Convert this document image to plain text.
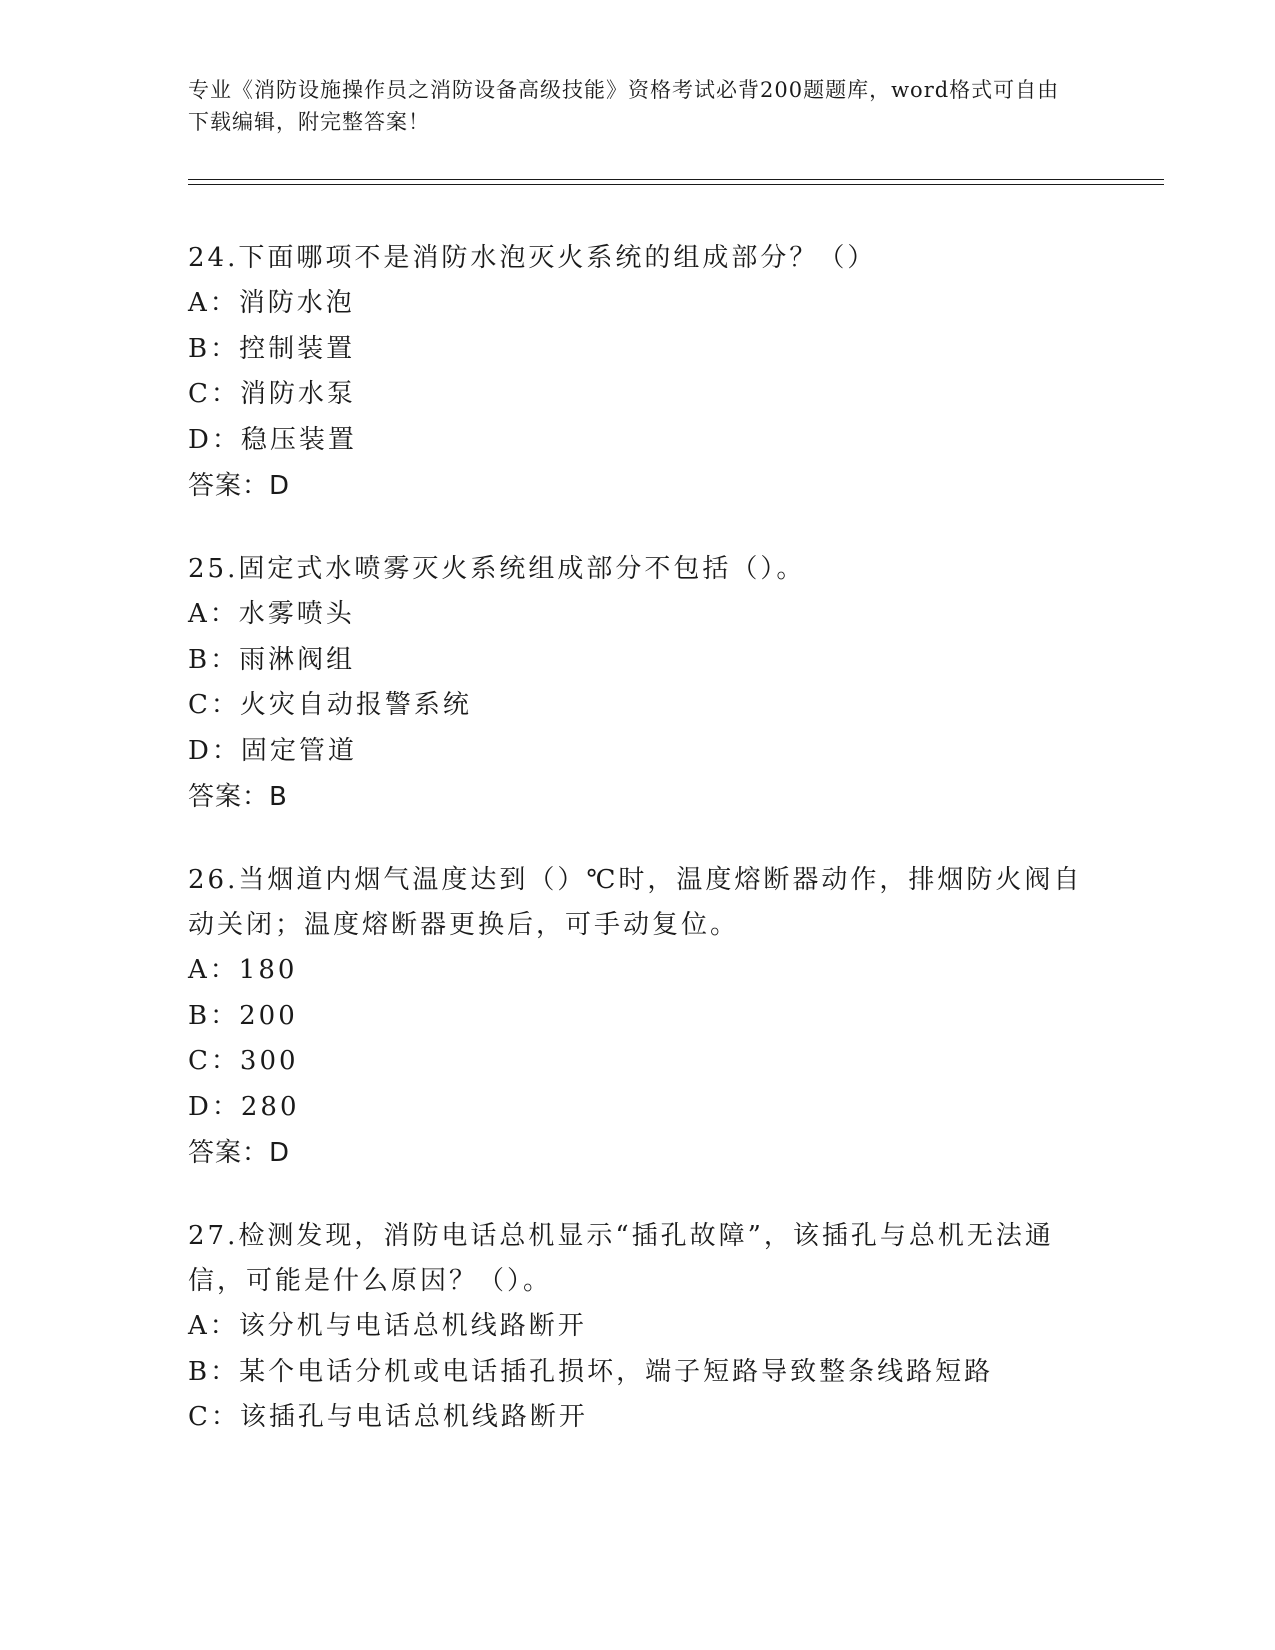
专业《消防设施操作员之消防设备高级技能》资格考试必背200题题库，word格式可自由下载编辑，附完整答案！
24.下面哪项不是消防水泡灭火系统的组成部分？（）
A：消防水泡
B：控制装置
C：消防水泵
D：稳压装置
答案：D
25.固定式水喷雾灭火系统组成部分不包括（）。
A：水雾喷头
B：雨淋阀组
C：火灾自动报警系统
D：固定管道
答案：B
26.当烟道内烟气温度达到（）℃时，温度熔断器动作，排烟防火阀自动关闭；温度熔断器更换后，可手动复位。
A：180
B：200
C：300
D：280
答案：D
27.检测发现，消防电话总机显示“插孔故障”，该插孔与总机无法通信，可能是什么原因？（）。
A：该分机与电话总机线路断开
B：某个电话分机或电话插孔损坏，端子短路导致整条线路短路
C：该插孔与电话总机线路断开
